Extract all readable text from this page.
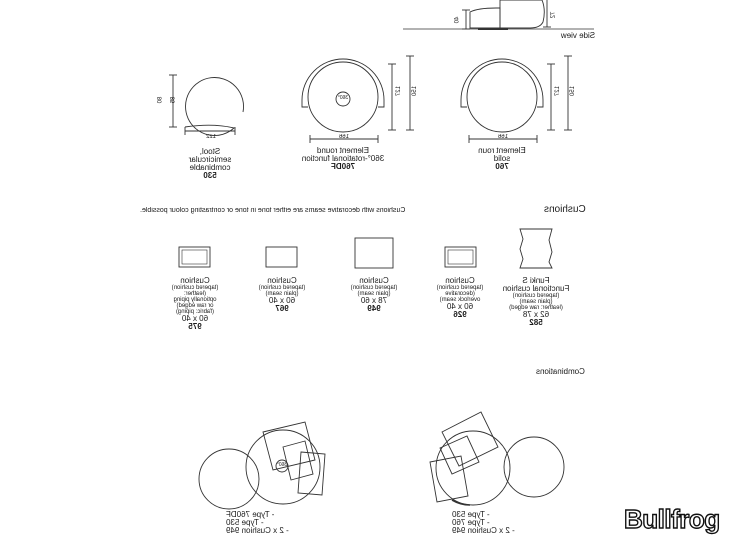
Side view
72
40
80 85
122
Stool,
semicircular
combinable
530
360°
150
127
166
Element round
360°-rotational function
760DF
150
127
166
Element roun
solid
760
Cushions
Cushions with decorative seams are either tone in tone or contrasting colour possible.
Cushion
(tapered cushion)
(leather:
optionally piping
or raw edged)
(fabric: piping)
60 x 40
975
Cushion
(tapered cushion)
(plain seam)
60 x 40
967
Cushion
(tapered cushion)
(plain seam)
78 x 60
949
Cushion
(tapered cushion)
(decorative
overlock seam)
60 x 40
926
Funki S
Functional cushion
(tapered cushion)
(plain seam)
(leather: raw edged)
62 x 78
582
Combinations
360°
- Type 760DF
- Type 530
- 2 x Cushion 949
- Type 530
- Type 760
- 2 x Cushion 949	Bullfrog
